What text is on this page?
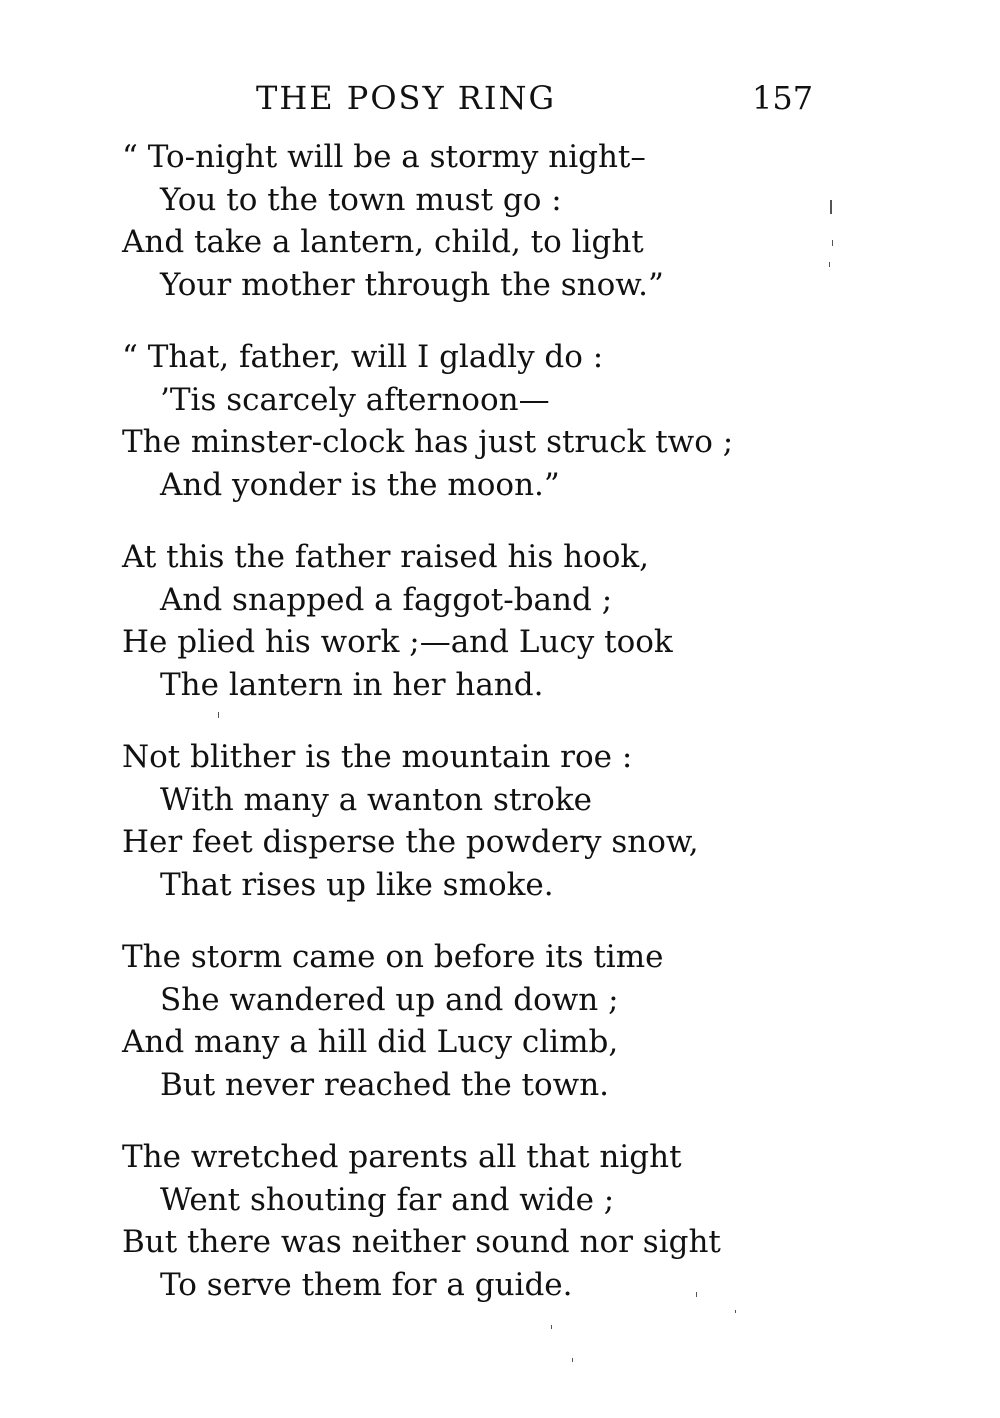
THE POSY RING	157
“ To-night will be a stormy night–
You to the town must go :
And take a lantern, child, to light
Your mother through the snow.”
“ That, father, will I gladly do :
’Tis scarcely afternoon—
The minster-clock has just struck two ;
And yonder is the moon.”
At this the father raised his hook,
And snapped a faggot-band ;
He plied his work ;—and Lucy took
The lantern in her hand.
Not blither is the mountain roe :
With many a wanton stroke
Her feet disperse the powdery snow,
That rises up like smoke.
The storm came on before its time
She wandered up and down ;
And many a hill did Lucy climb,
But never reached the town.
The wretched parents all that night
Went shouting far and wide ;
But there was neither sound nor sight
To serve them for a guide.
